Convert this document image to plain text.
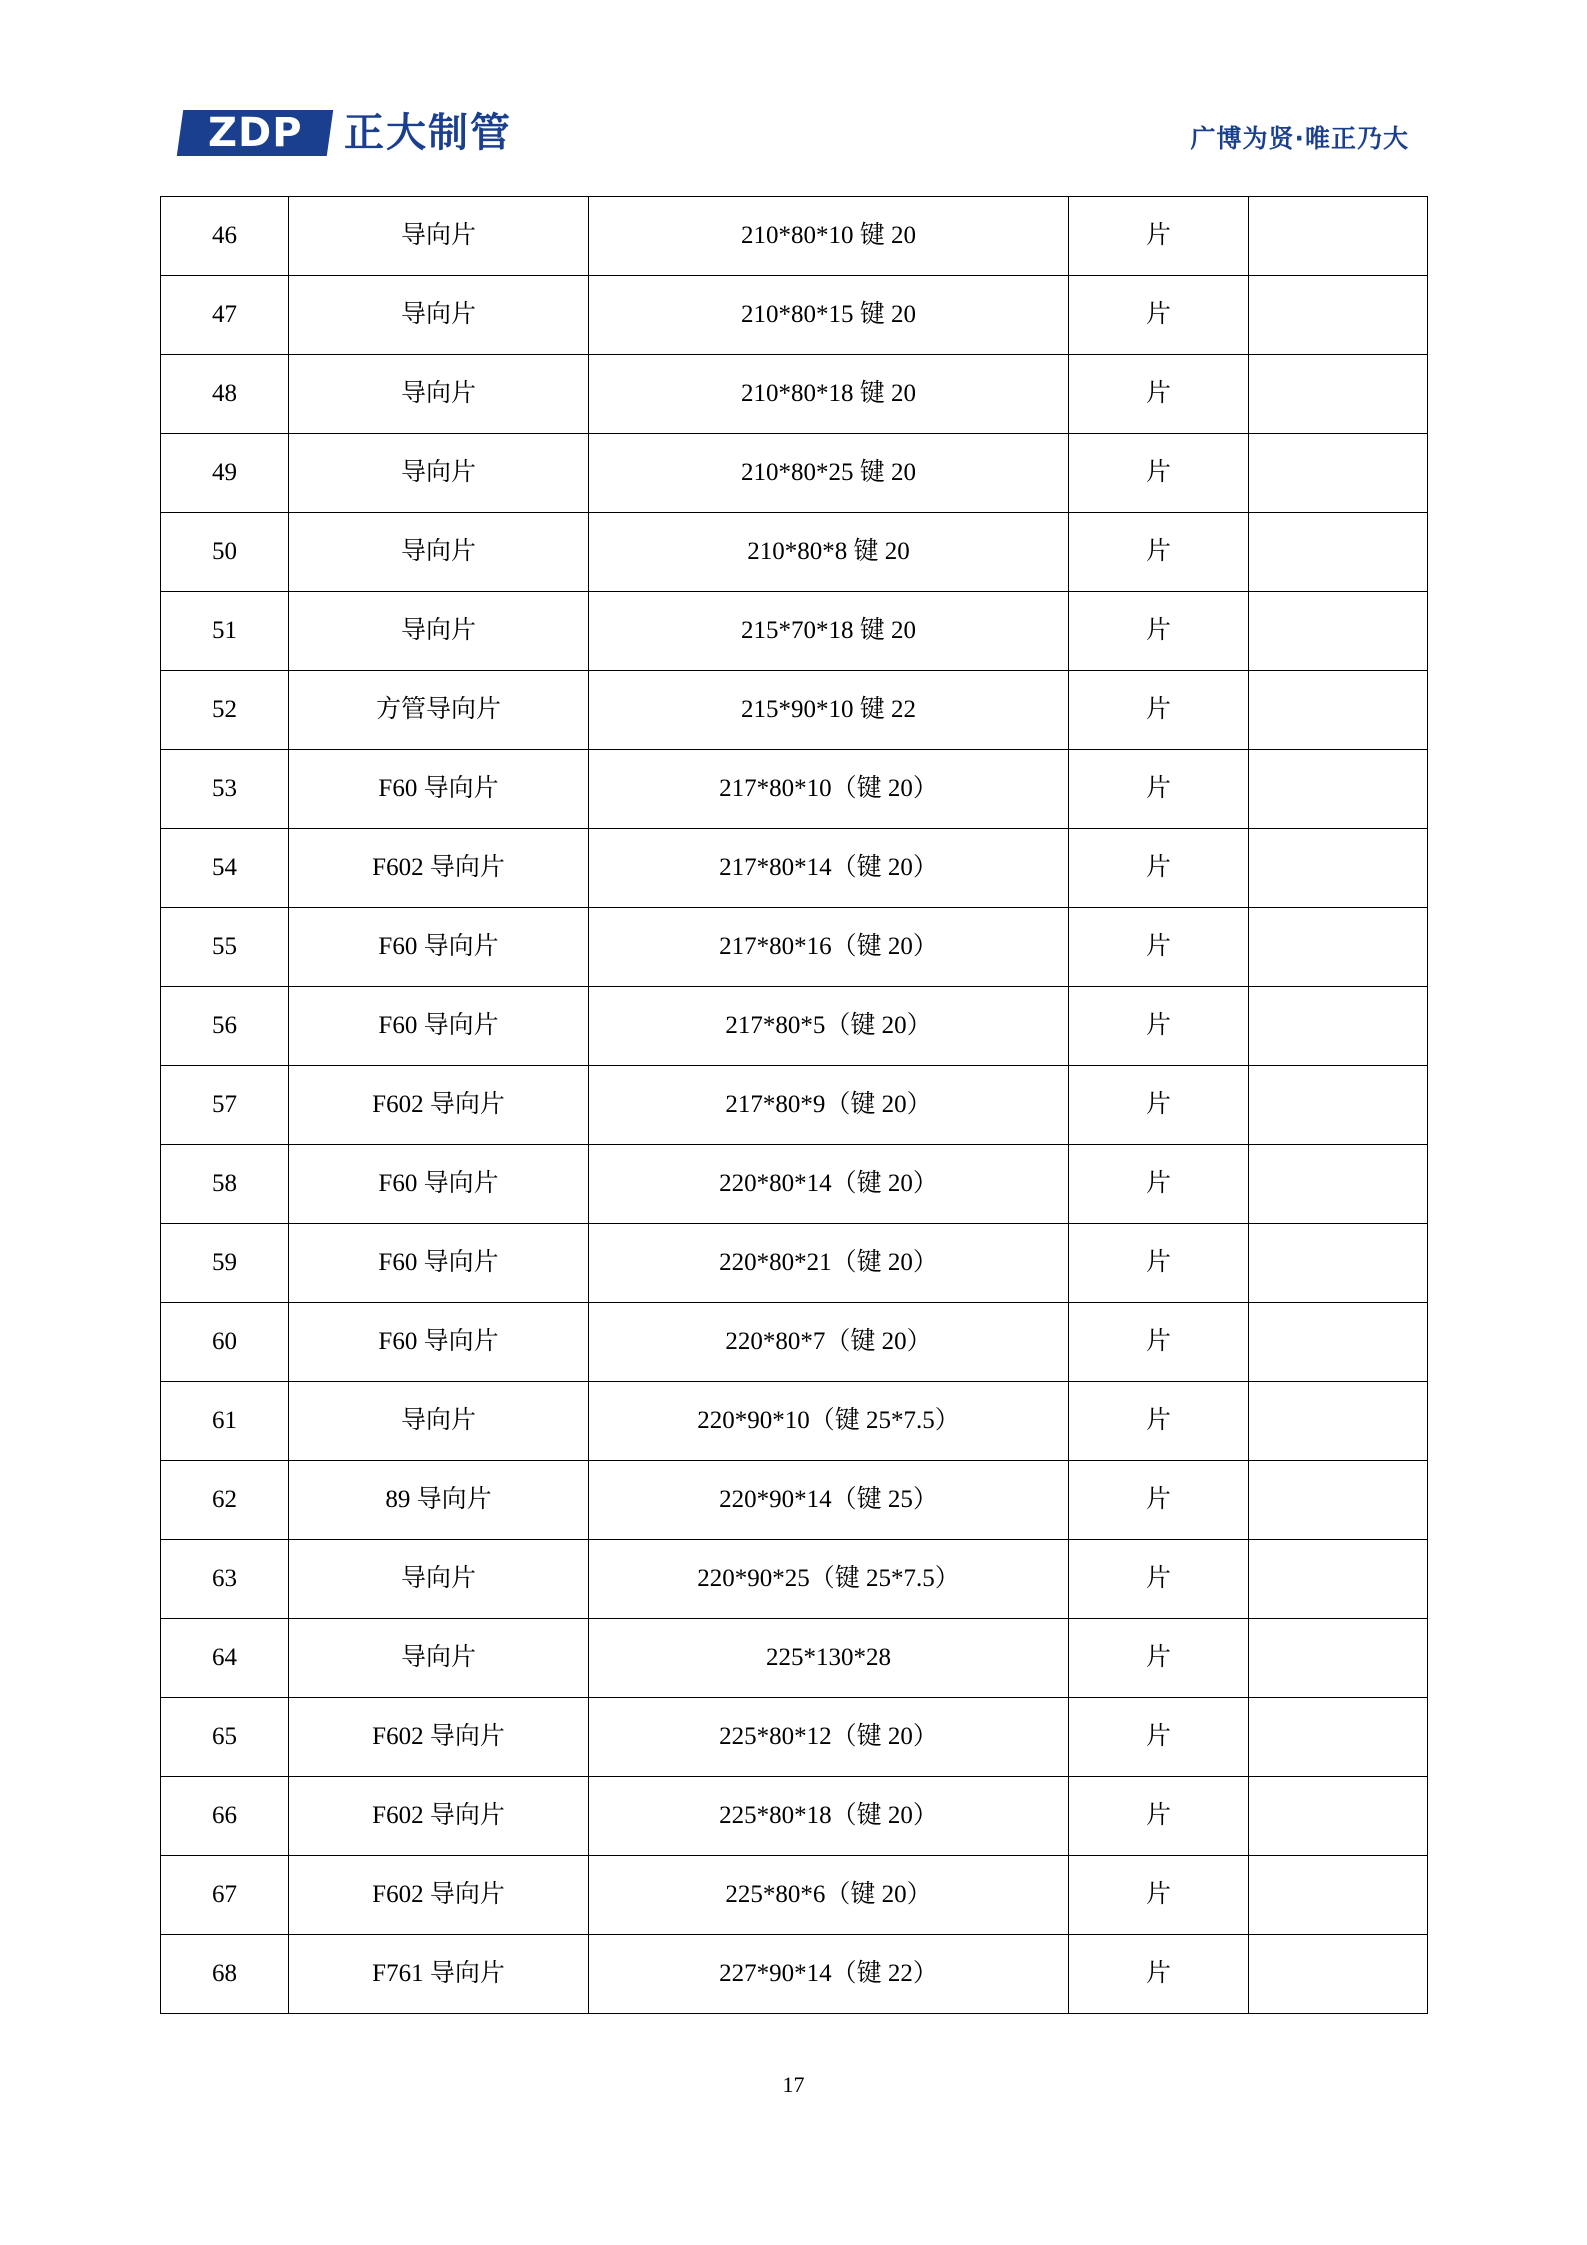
ZDP	正大制管	广博为贤·唯正乃大
46	导向片	210*80*10 键 20	片	
47	导向片	210*80*15 键 20	片	
48	导向片	210*80*18 键 20	片	
49	导向片	210*80*25 键 20	片	
50	导向片	210*80*8 键 20	片	
51	导向片	215*70*18 键 20	片	
52	方管导向片	215*90*10 键 22	片	
53	F60 导向片	217*80*10（键 20）	片	
54	F602 导向片	217*80*14（键 20）	片	
55	F60 导向片	217*80*16（键 20）	片	
56	F60 导向片	217*80*5（键 20）	片	
57	F602 导向片	217*80*9（键 20）	片	
58	F60 导向片	220*80*14（键 20）	片	
59	F60 导向片	220*80*21（键 20）	片	
60	F60 导向片	220*80*7（键 20）	片	
61	导向片	220*90*10（键 25*7.5）	片	
62	89 导向片	220*90*14（键 25）	片	
63	导向片	220*90*25（键 25*7.5）	片	
64	导向片	225*130*28	片	
65	F602 导向片	225*80*12（键 20）	片	
66	F602 导向片	225*80*18（键 20）	片	
67	F602 导向片	225*80*6（键 20）	片	
68	F761 导向片	227*90*14（键 22）	片	
17
